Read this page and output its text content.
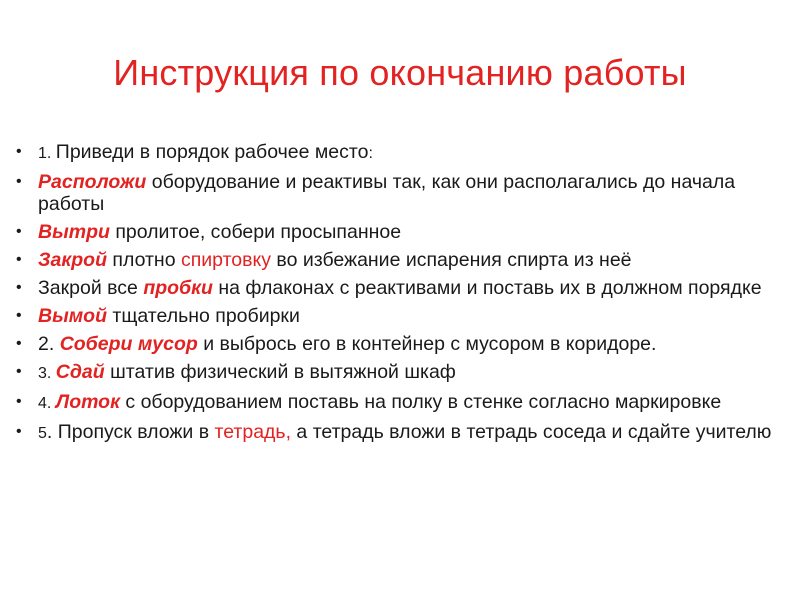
Инструкция по окончанию работы
• 1. Приведи в порядок рабочее место:
• Расположи оборудование и реактивы так, как они располагались до начала работы
• Вытри пролитое, собери просыпанное
• Закрой плотно спиртовку во избежание испарения спирта из неё
• Закрой все пробки на флаконах с реактивами и поставь их в должном порядке
• Вымой тщательно пробирки
• 2. Собери мусор и выбрось его в контейнер с мусором в коридоре.
• 3. Сдай штатив физический в вытяжной шкаф
• 4. Лоток с оборудованием поставь на полку в стенке согласно маркировке
• 5. Пропуск вложи в тетрадь, а тетрадь вложи в тетрадь соседа и сдайте учителю
